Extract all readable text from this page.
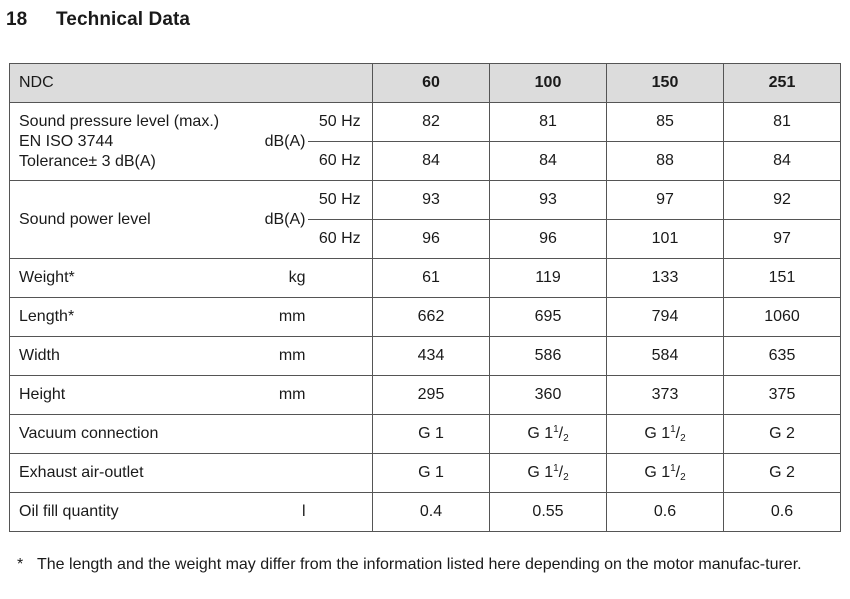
18 Technical Data
NDC			60	100	150	251
Sound pressure level (max.)
EN ISO 3744
Tolerance± 3 dB(A)	dB(A)	50 Hz	82	81	85	81
		60 Hz	84	84	88	84
Sound power level	dB(A)	50 Hz	93	93	97	92
		60 Hz	96	96	101	97
Weight*	kg		61	119	133	151
Length*	mm		662	695	794	1060
Width	mm		434	586	584	635
Height	mm		295	360	373	375
Vacuum connection			G 1	G $1^1/_2$	G $1^1/_2$	G 2
Exhaust air-outlet			G 1	G $1^1/_2$	G $1^1/_2$	G 2
Oil fill quantity	l		0.4	0.55	0.6	0.6
* The length and the weight may differ from the information listed here depending on the motor manufac-turer.
